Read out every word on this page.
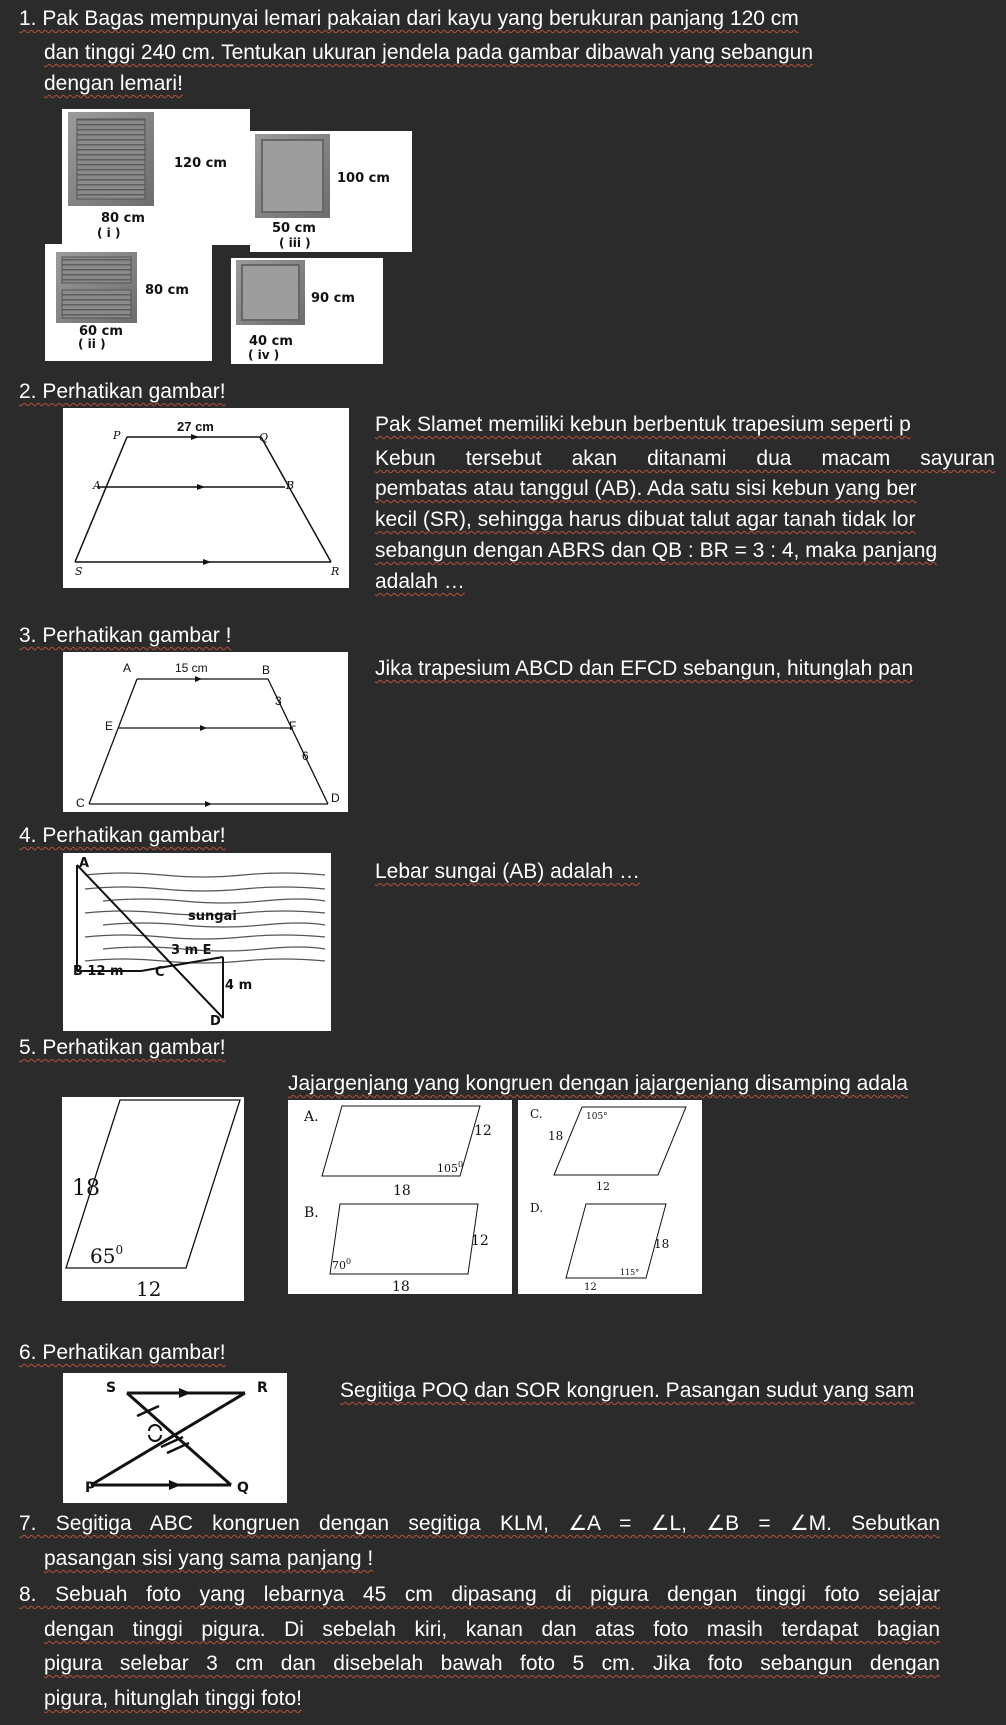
1. Pak Bagas mempunyai lemari pakaian dari kayu yang berukuran panjang 120 cm
dan tinggi 240 cm. Tentukan ukuran jendela pada gambar dibawah yang sebangun
dengan lemari!
120 cm
80 cm
( i )
100 cm
50 cm
( iii )
80 cm
60 cm
( ii )
90 cm
40 cm
( iv )
2. Perhatikan gambar!
27 cm
P	Q
A	B
S	R
Pak Slamet memiliki kebun berbentuk trapesium seperti p
Kebun tersebut akan ditanami dua macam sayuran
pembatas atau tanggul (AB). Ada satu sisi kebun yang ber
kecil (SR), sehingga harus dibuat talut agar tanah tidak lor
sebangun dengan ABRS dan QB : BR = 3 : 4, maka panjang
adalah …
3. Perhatikan gambar !
A	15 cm	B
3
E	F
6
C	D
Jika trapesium ABCD dan EFCD sebangun, hitunglah pan
4. Perhatikan gambar!
A
sungai
3 m E
B 12 m C
4 m
D
Lebar sungai (AB) adalah …
5. Perhatikan gambar!
Jajargenjang yang kongruen dengan jajargenjang disamping adala
18
$65^0$
12
A.
12
$105^0$
18
B.
12
$70^0$
18
C.	105°
18
12
D.
18
115°
12
6. Perhatikan gambar!
S	R
P	Q
Segitiga POQ dan SOR kongruen. Pasangan sudut yang sam
7. Segitiga ABC kongruen dengan segitiga KLM, ∠A = ∠L, ∠B = ∠M. Sebutkan
pasangan sisi yang sama panjang !
8. Sebuah foto yang lebarnya 45 cm dipasang di pigura dengan tinggi foto sejajar
dengan tinggi pigura. Di sebelah kiri, kanan dan atas foto masih terdapat bagian
pigura selebar 3 cm dan disebelah bawah foto 5 cm. Jika foto sebangun dengan
pigura, hitunglah tinggi foto!
